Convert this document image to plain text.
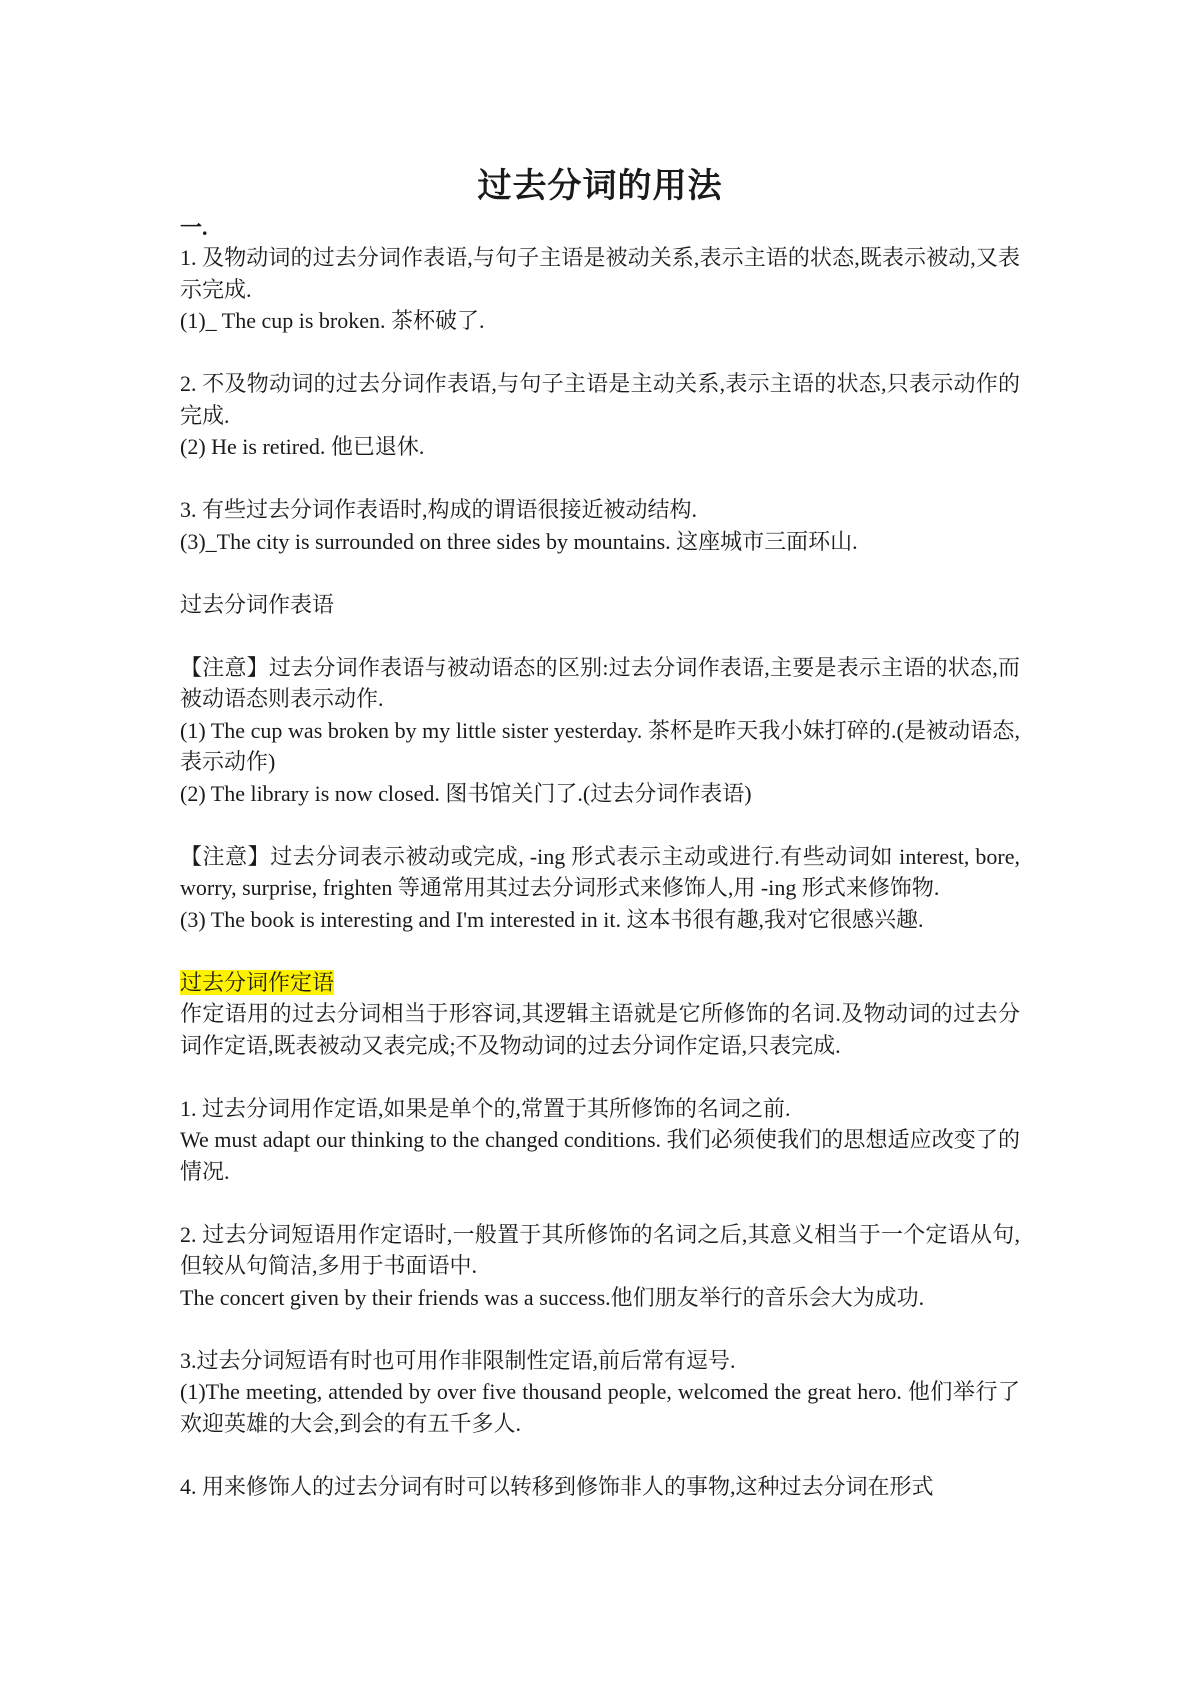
过去分词的用法
一.

1. 及物动词的过去分词作表语,与句子主语是被动关系,表示主语的状态,既表示被动,又表示完成.

(1)_ The cup is broken. 茶杯破了.

2. 不及物动词的过去分词作表语,与句子主语是主动关系,表示主语的状态,只表示动作的完成.

(2) He is retired. 他已退休.

3. 有些过去分词作表语时,构成的谓语很接近被动结构.

(3)_The city is surrounded on three sides by mountains. 这座城市三面环山.

过去分词作表语

【注意】过去分词作表语与被动语态的区别:过去分词作表语,主要是表示主语的状态,而被动语态则表示动作.

(1) The cup was broken by my little sister yesterday. 茶杯是昨天我小妹打碎的.(是被动语态,表示动作)

(2) The library is now closed. 图书馆关门了.(过去分词作表语)

【注意】过去分词表示被动或完成, -ing 形式表示主动或进行.有些动词如 interest, bore, worry, surprise, frighten 等通常用其过去分词形式来修饰人,用 -ing 形式来修饰物.

(3) The book is interesting and I'm interested in it. 这本书很有趣,我对它很感兴趣.

过去分词作定语

作定语用的过去分词相当于形容词,其逻辑主语就是它所修饰的名词.及物动词的过去分词作定语,既表被动又表完成;不及物动词的过去分词作定语,只表完成.

1. 过去分词用作定语,如果是单个的,常置于其所修饰的名词之前.

We must adapt our thinking to the changed conditions. 我们必须使我们的思想适应改变了的情况.

2. 过去分词短语用作定语时,一般置于其所修饰的名词之后,其意义相当于一个定语从句,但较从句简洁,多用于书面语中.

The concert given by their friends was a success.他们朋友举行的音乐会大为成功.

3.过去分词短语有时也可用作非限制性定语,前后常有逗号.

(1)The meeting, attended by over five thousand people, welcomed the great hero. 他们举行了欢迎英雄的大会,到会的有五千多人.

4. 用来修饰人的过去分词有时可以转移到修饰非人的事物,这种过去分词在形式
